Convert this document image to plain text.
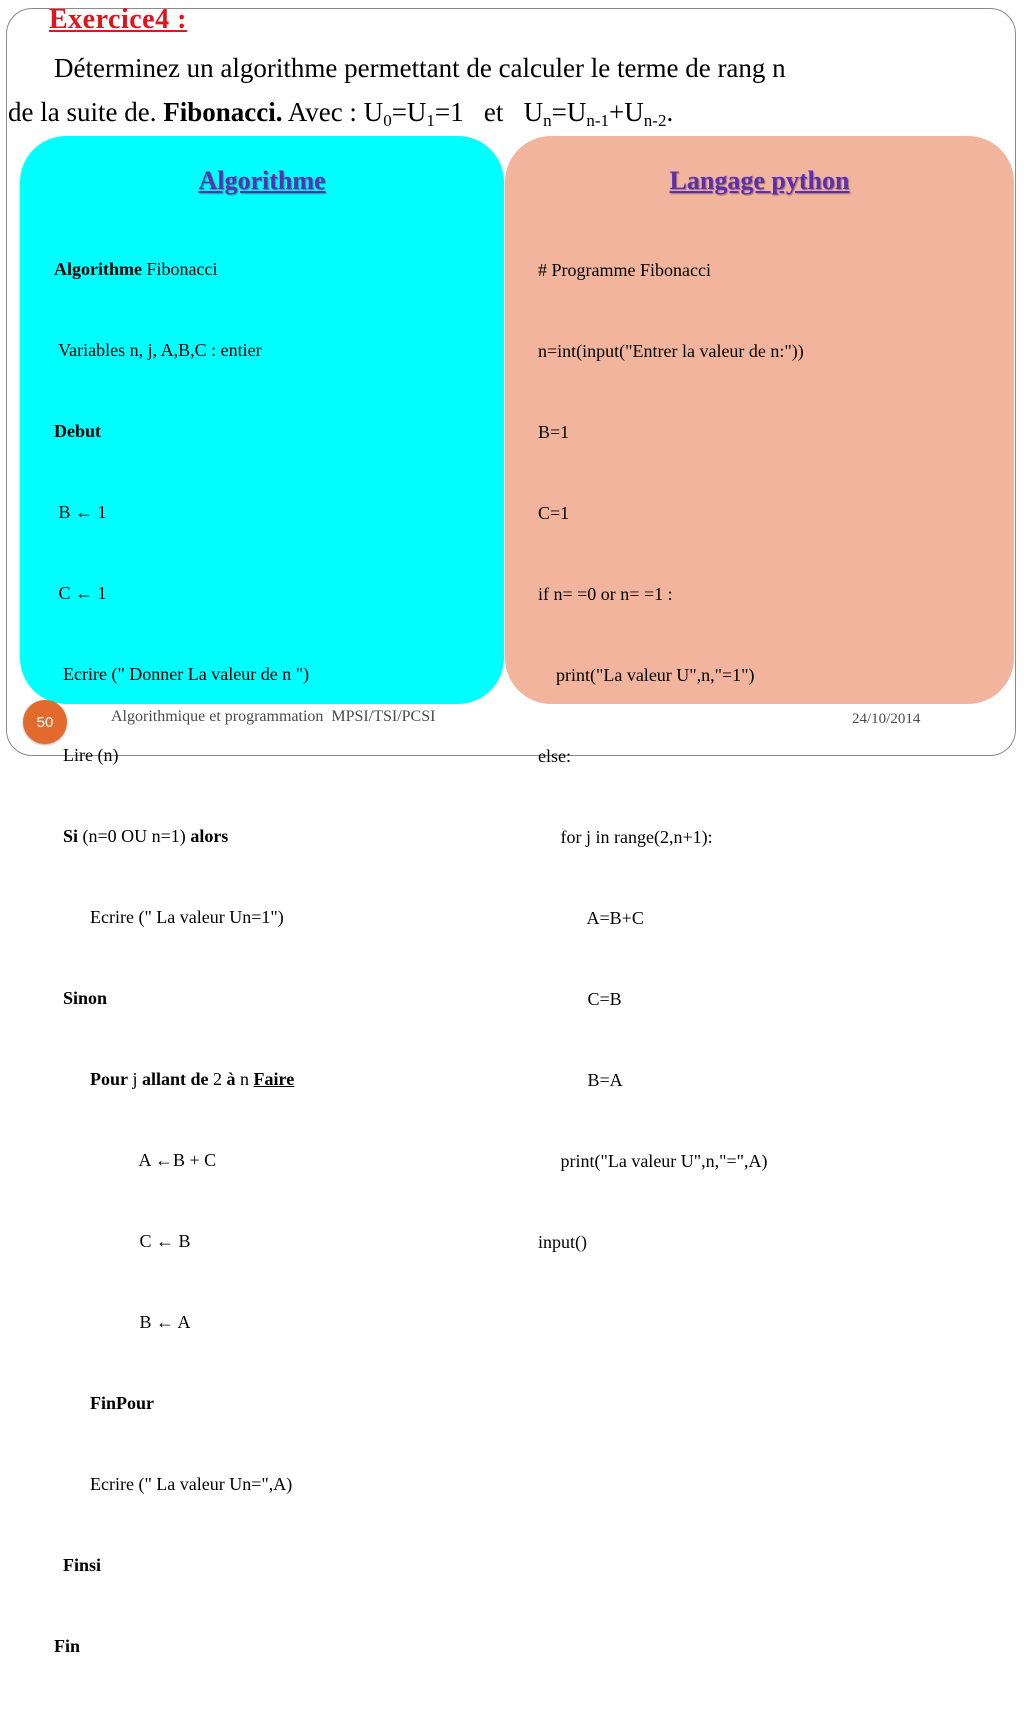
Exercice4 :
Déterminez un algorithme permettant de calculer le terme de rang n
de la suite de. Fibonacci. Avec : $U_0=U_1=1$   et   $U_n=U_{n-1}+U_{n-2}$.
Algorithme

Algorithme Fibonacci

Variables n, j, A,B,C : entier

Debut

B ← 1

C ← 1

Ecrire (" Donner La valeur de n ")

Lire (n)

Si (n=0 OU n=1) alors

Ecrire (" La valeur Un=1")

Sinon

Pour j allant de 2 à n Faire

A ←B + C

C ← B

B ← A

FinPour

Ecrire (" La valeur Un=",A)

Finsi

Fin

Langage python

# Programme Fibonacci

n=int(input("Entrer la valeur de n:"))

B=1

C=1

if n= =0 or n= =1 :

print("La valeur U",n,"=1")

else:

for j in range(2,n+1):

A=B+C

C=B

B=A

print("La valeur U",n,"=",A)

input()

50	Algorithmique et programmation  MPSI/TSI/PCSI	24/10/2014
